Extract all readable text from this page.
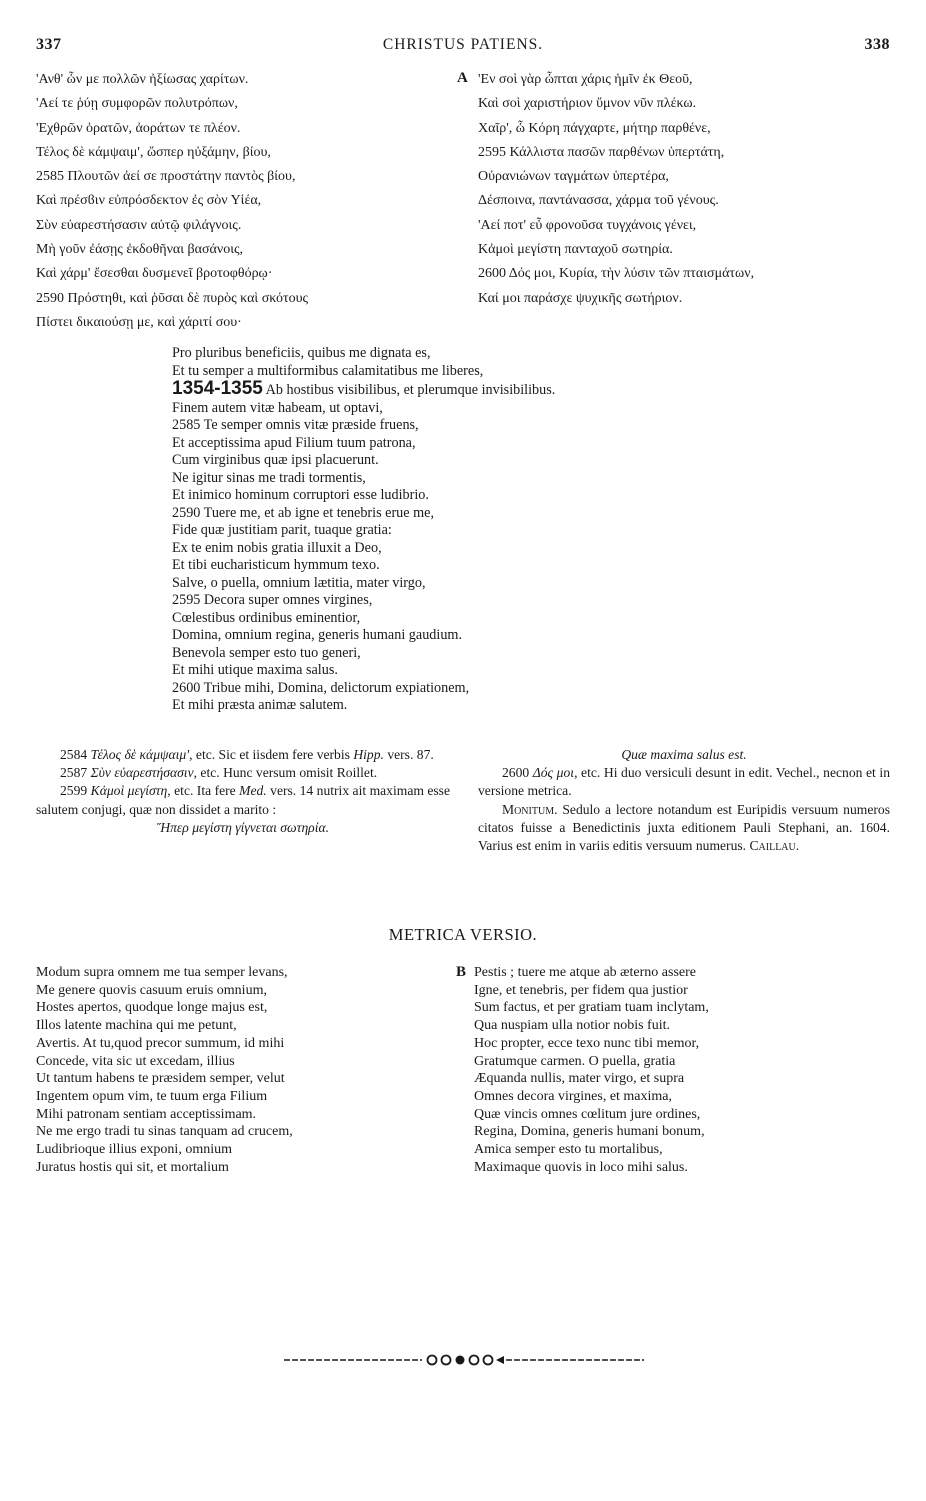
337	CHRISTUS PATIENS.	338
'Ανθ' ὧν με πολλῶν ἠξίωσας χαρίτων.
'Αεί τε ῥύῃ συμφορῶν πολυτρόπων,
'Εχθρῶν ὁρατῶν, ἀοράτων τε πλέον.
Τέλος δὲ κάμψαιμ', ὥσπερ ηὐξάμην, βίου,
2585 Πλουτῶν ἀεί σε προστάτην παντὸς βίου,
Καὶ πρέσϐιν εὐπρόσδεκτον ἐς σὸν Υἱέα,
Σὺν εὐαρεστήσασιν αὐτῷ φιλάγνοις.
Μὴ γοῦν ἐάσῃς ἐκδοθῆναι βασάνοις,
Καὶ χάρμ' ἔσεσθαι δυσμενεῖ βροτοφθόρῳ·
2590 Πρόστηθι, καὶ ῥῦσαι δὲ πυρὸς καὶ σκότους
Πίστει δικαιούσῃ με, καὶ χάριτί σου·
A 'Εν σοὶ γὰρ ὦπται χάρις ἡμῖν ἐκ Θεοῦ,
Καὶ σοὶ χαριστήριον ὕμνον νῦν πλέκω.
Χαῖρ', ὦ Κόρη πάγχαρτε, μήτηρ παρθένε,
2595 Κάλλιστα πασῶν παρθένων ὑπερτάτη,
Οὐρανιώνων ταγμάτων ὑπερτέρα,
Δέσποινα, παντάνασσα, χάρμα τοῦ γένους.
'Αεί ποτ' εὖ φρονοῦσα τυγχάνοις γένει,
Κἀμοὶ μεγίστη πανταχοῦ σωτηρία.
2600 Δός μοι, Κυρία, τὴν λύσιν τῶν πταισμάτων,
Καί μοι παράσχε ψυχικῆς σωτήριον.
Pro pluribus beneficiis, quibus me dignata es,
Et tu semper a multiformibus calamitatibus me liberes,
1354-1355 Ab hostibus visibilibus, et plerumque invisibilibus.
Finem autem vitæ habeam, ut optavi,
2585 Te semper omnis vitæ præside fruens,
Et acceptissima apud Filium tuum patrona,
Cum virginibus quæ ipsi placuerunt.
Ne igitur sinas me tradi tormentis,
Et inimico hominum corruptori esse ludibrio.
2590 Tuere me, et ab igne et tenebris erue me,
Fide quæ justitiam parit, tuaque gratia:
Ex te enim nobis gratia illuxit a Deo,
Et tibi eucharisticum hymmum texo.
Salve, o puella, omnium lætitia, mater virgo,
2595 Decora super omnes virgines,
Cœlestibus ordinibus eminentior,
Domina, omnium regina, generis humani gaudium.
Benevola semper esto tuo generi,
Et mihi utique maxima salus.
2600 Tribue mihi, Domina, delictorum expiationem,
Et mihi præsta animæ salutem.

2584 Τέλος δὲ κάμψαιμ', etc. Sic et iisdem fere verbis Hipp. vers. 87.

2587 Σὺν εὐαρεστήσασιν, etc. Hunc versum omisit Roillet.

2599 Κἀμοὶ μεγίστη, etc. Ita fere Med. vers. 14 nutrix ait maximam esse salutem conjugi, quæ non dissidet a marito :

Ἥπερ μεγίστη γίγνεται σωτηρία.

Quæ maxima salus est.

2600 Δός μοι, etc. Hi duo versiculi desunt in edit. Vechel., necnon et in versione metrica.

Monitum. Sedulo a lectore notandum est Euripidis versuum numeros citatos fuisse a Benedictinis juxta editionem Pauli Stephani, an. 1604. Varius est enim in variis editis versuum numerus. Caillau.

METRICA VERSIO.
Modum supra omnem me tua semper levans,
Me genere quovis casuum eruis omnium,
Hostes apertos, quodque longe majus est,
Illos latente machina qui me petunt,
Avertis. At tu,quod precor summum, id mihi
Concede, vita sic ut excedam, illius
Ut tantum habens te præsidem semper, velut
Ingentem opum vim, te tuum erga Filium
Mihi patronam sentiam acceptissimam.
Ne me ergo tradi tu sinas tanquam ad crucem,
Ludibrioque illius exponi, omnium
Juratus hostis qui sit, et mortalium
B Pestis ; tuere me atque ab æterno assere
Igne, et tenebris, per fidem qua justior
Sum factus, et per gratiam tuam inclytam,
Qua nuspiam ulla notior nobis fuit.
Hoc propter, ecce texo nunc tibi memor,
Gratumque carmen. O puella, gratia
Æquanda nullis, mater virgo, et supra
Omnes decora virgines, et maxima,
Quæ vincis omnes cœlitum jure ordines,
Regina, Domina, generis humani bonum,
Amica semper esto tu mortalibus,
Maximaque quovis in loco mihi salus.
